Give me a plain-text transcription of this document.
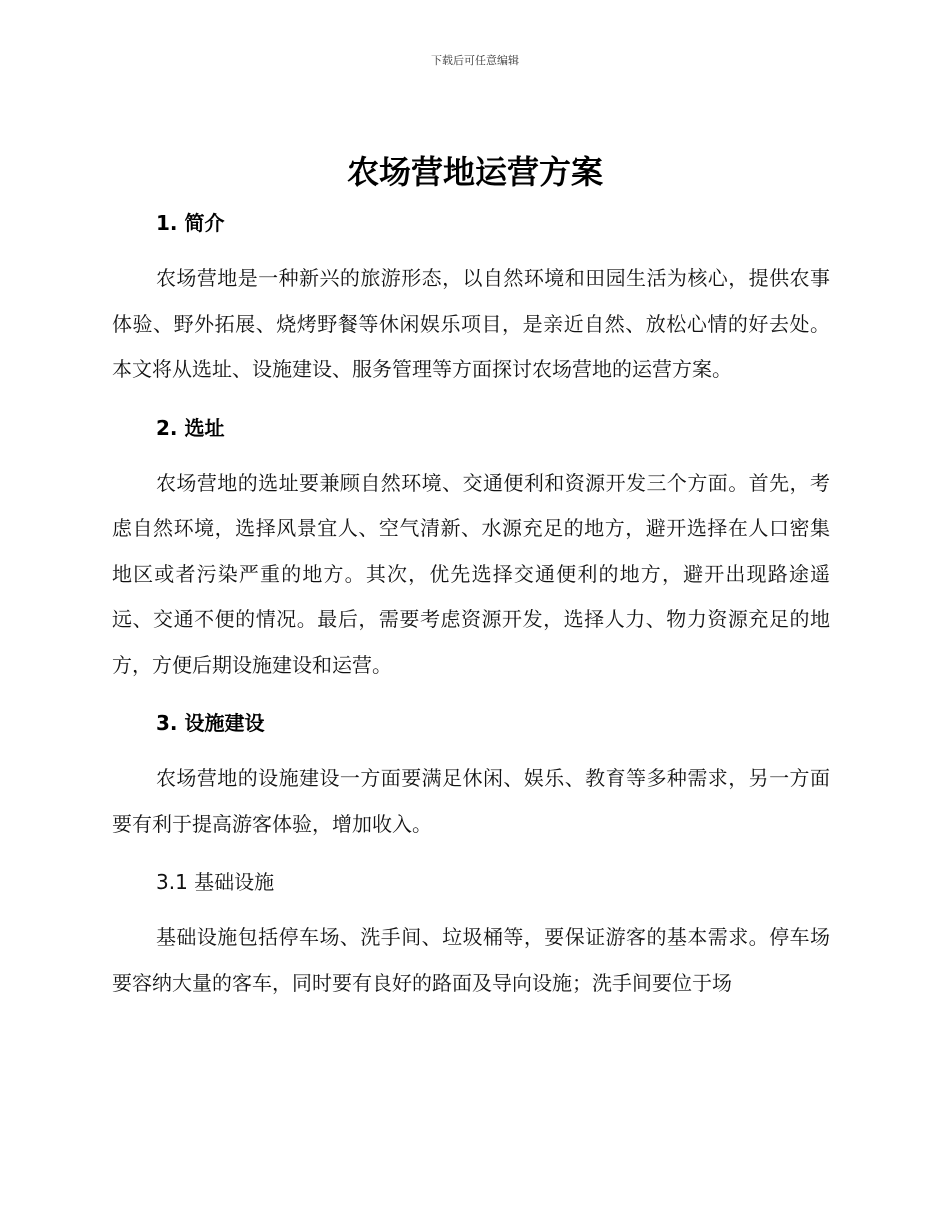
下载后可任意编辑
农场营地运营方案
1. 简介

农场营地是一种新兴的旅游形态，以自然环境和田园生活为核心，提供农事体验、野外拓展、烧烤野餐等休闲娱乐项目，是亲近自然、放松心情的好去处。本文将从选址、设施建设、服务管理等方面探讨农场营地的运营方案。

2. 选址

农场营地的选址要兼顾自然环境、交通便利和资源开发三个方面。首先，考虑自然环境，选择风景宜人、空气清新、水源充足的地方，避开选择在人口密集地区或者污染严重的地方。其次，优先选择交通便利的地方，避开出现路途遥远、交通不便的情况。最后，需要考虑资源开发，选择人力、物力资源充足的地方，方便后期设施建设和运营。

3. 设施建设

农场营地的设施建设一方面要满足休闲、娱乐、教育等多种需求，另一方面要有利于提高游客体验，增加收入。

3.1 基础设施

基础设施包括停车场、洗手间、垃圾桶等，要保证游客的基本需求。停车场要容纳大量的客车，同时要有良好的路面及导向设施；洗手间要位于场
